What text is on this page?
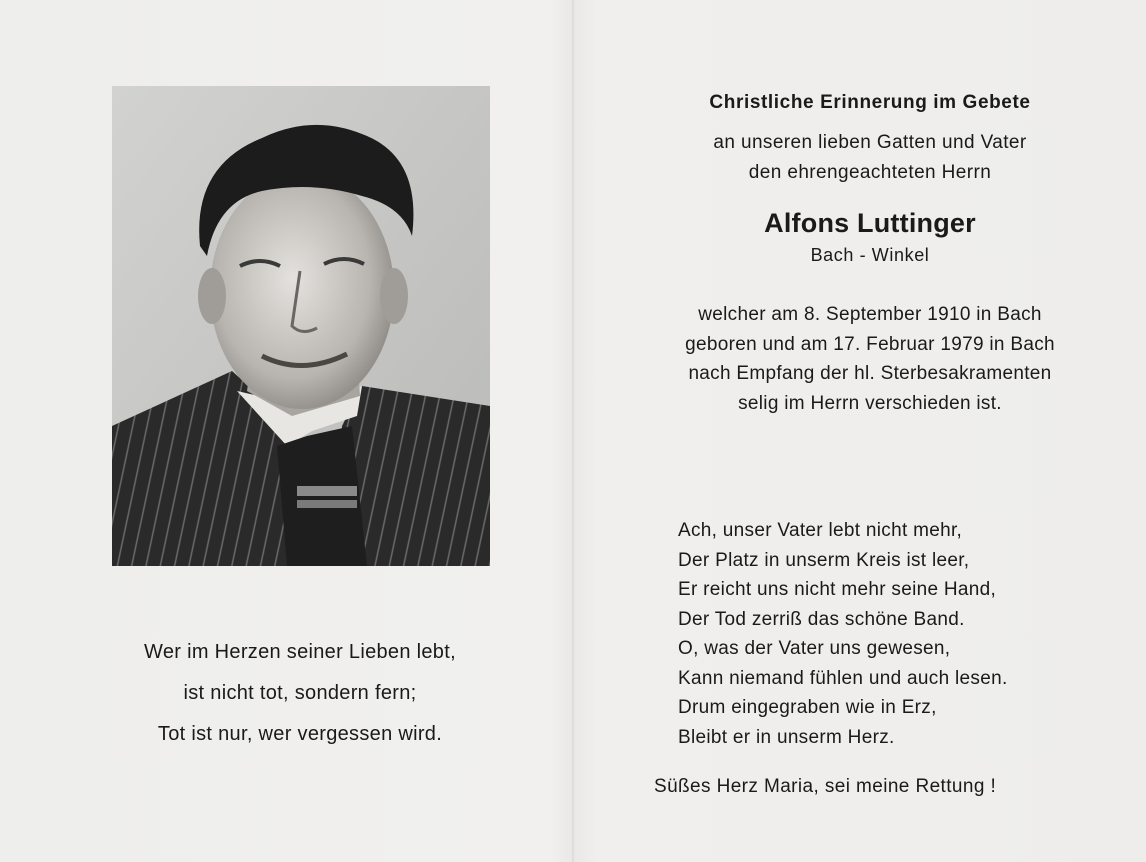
Wer im Herzen seiner Lieben lebt,
ist nicht tot, sondern fern;
Tot ist nur, wer vergessen wird.
Christliche Erinnerung im Gebete
an unseren lieben Gatten und Vater
den ehrengeachteten Herrn
Alfons Luttinger
Bach - Winkel
welcher am 8. September 1910 in Bach
geboren und am 17. Februar 1979 in Bach
nach Empfang der hl. Sterbesakramenten
selig im Herrn verschieden ist.
Ach, unser Vater lebt nicht mehr,
Der Platz in unserm Kreis ist leer,
Er reicht uns nicht mehr seine Hand,
Der Tod zerriß das schöne Band.
O, was der Vater uns gewesen,
Kann niemand fühlen und auch lesen.
Drum eingegraben wie in Erz,
Bleibt er in unserm Herz.
Süßes Herz Maria, sei meine Rettung !
